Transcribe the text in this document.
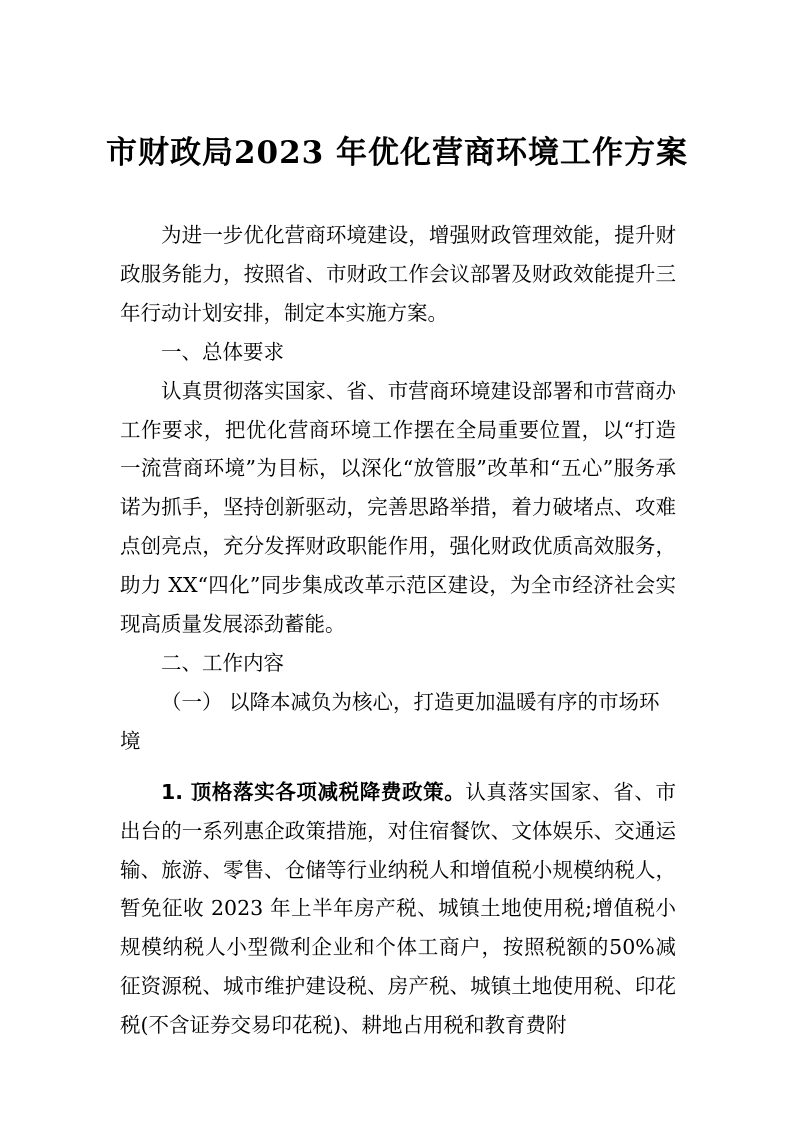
市财政局2023 年优化营商环境工作方案

为进一步优化营商环境建设，增强财政管理效能，提升财政服务能力，按照省、市财政工作会议部署及财政效能提升三年行动计划安排，制定本实施方案。

一、总体要求

认真贯彻落实国家、省、市营商环境建设部署和市营商办工作要求，把优化营商环境工作摆在全局重要位置，以“打造一流营商环境”为目标，以深化“放管服”改革和“五心”服务承诺为抓手，坚持创新驱动，完善思路举措，着力破堵点、攻难点创亮点，充分发挥财政职能作用，强化财政优质高效服务，助力 XX“四化”同步集成改革示范区建设，为全市经济社会实现高质量发展添劲蓄能。

二、工作内容

（一） 以降本减负为核心，打造更加温暖有序的市场环境

1. 顶格落实各项减税降费政策。认真落实国家、省、市出台的一系列惠企政策措施，对住宿餐饮、文体娱乐、交通运输、旅游、零售、仓储等行业纳税人和增值税小规模纳税人，暂免征收 2023 年上半年房产税、城镇土地使用税;增值税小规模纳税人小型微利企业和个体工商户，按照税额的50%减征资源税、城市维护建设税、房产税、城镇土地使用税、印花税(不含证券交易印花税)、耕地占用税和教育费附
